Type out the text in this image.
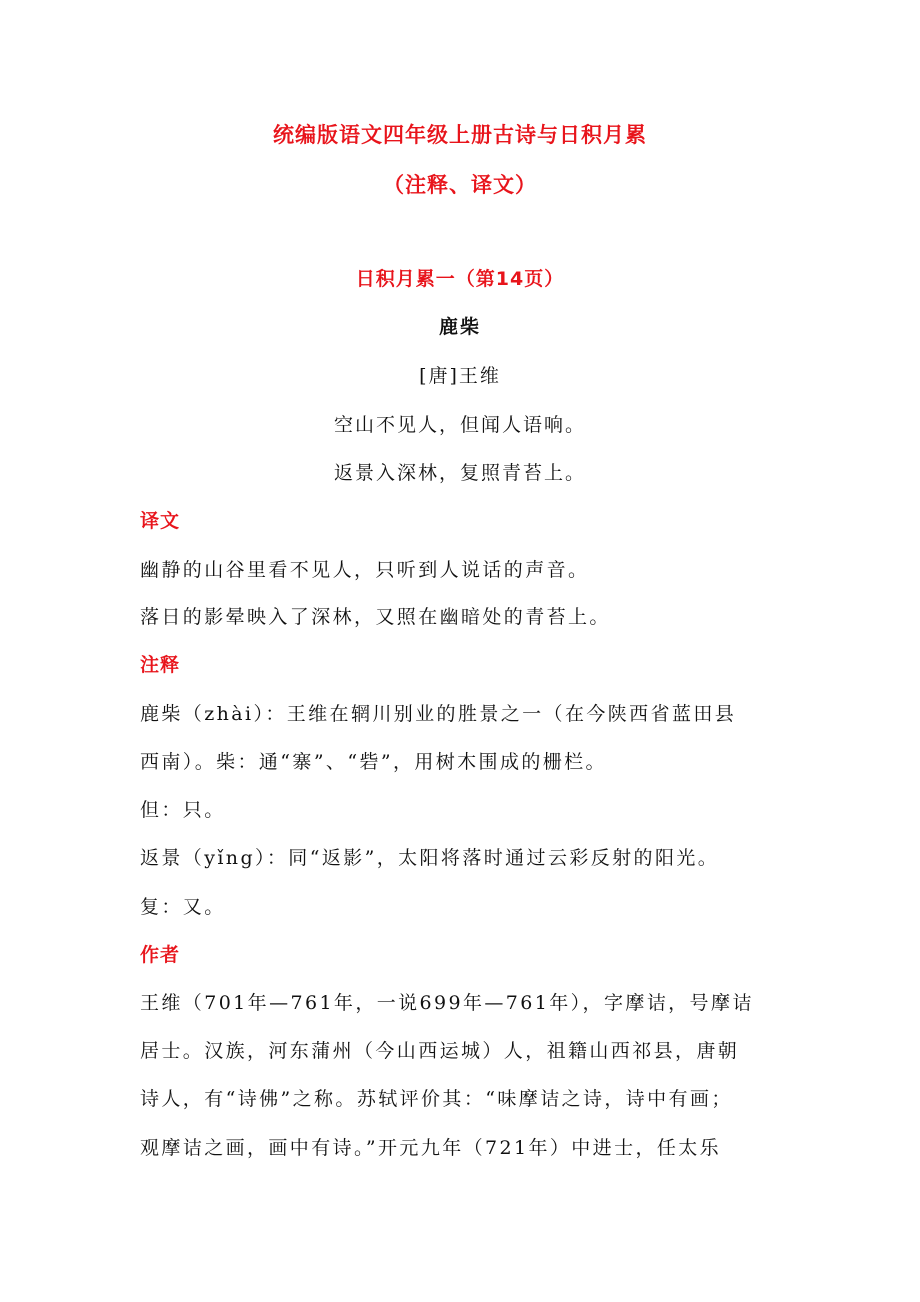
统编版语文四年级上册古诗与日积月累
（注释、译文）
日积月累一（第14页）
鹿柴
[唐]王维
空山不见人，但闻人语响。
返景入深林，复照青苔上。
译文
幽静的山谷里看不见人，只听到人说话的声音。
落日的影晕映入了深林，又照在幽暗处的青苔上。
注释
鹿柴（zhài）：王维在辋川别业的胜景之一（在今陕西省蓝田县
西南）。柴：通“寨”、“砦”，用树木围成的栅栏。
但：只。
返景（yǐng）：同“返影”，太阳将落时通过云彩反射的阳光。
复：又。
作者
王维（701年—761年，一说699年—761年），字摩诘，号摩诘
居士。汉族，河东蒲州（今山西运城）人，祖籍山西祁县，唐朝
诗人，有“诗佛”之称。苏轼评价其：“味摩诘之诗，诗中有画；
观摩诘之画，画中有诗。”开元九年（721年）中进士，任太乐
